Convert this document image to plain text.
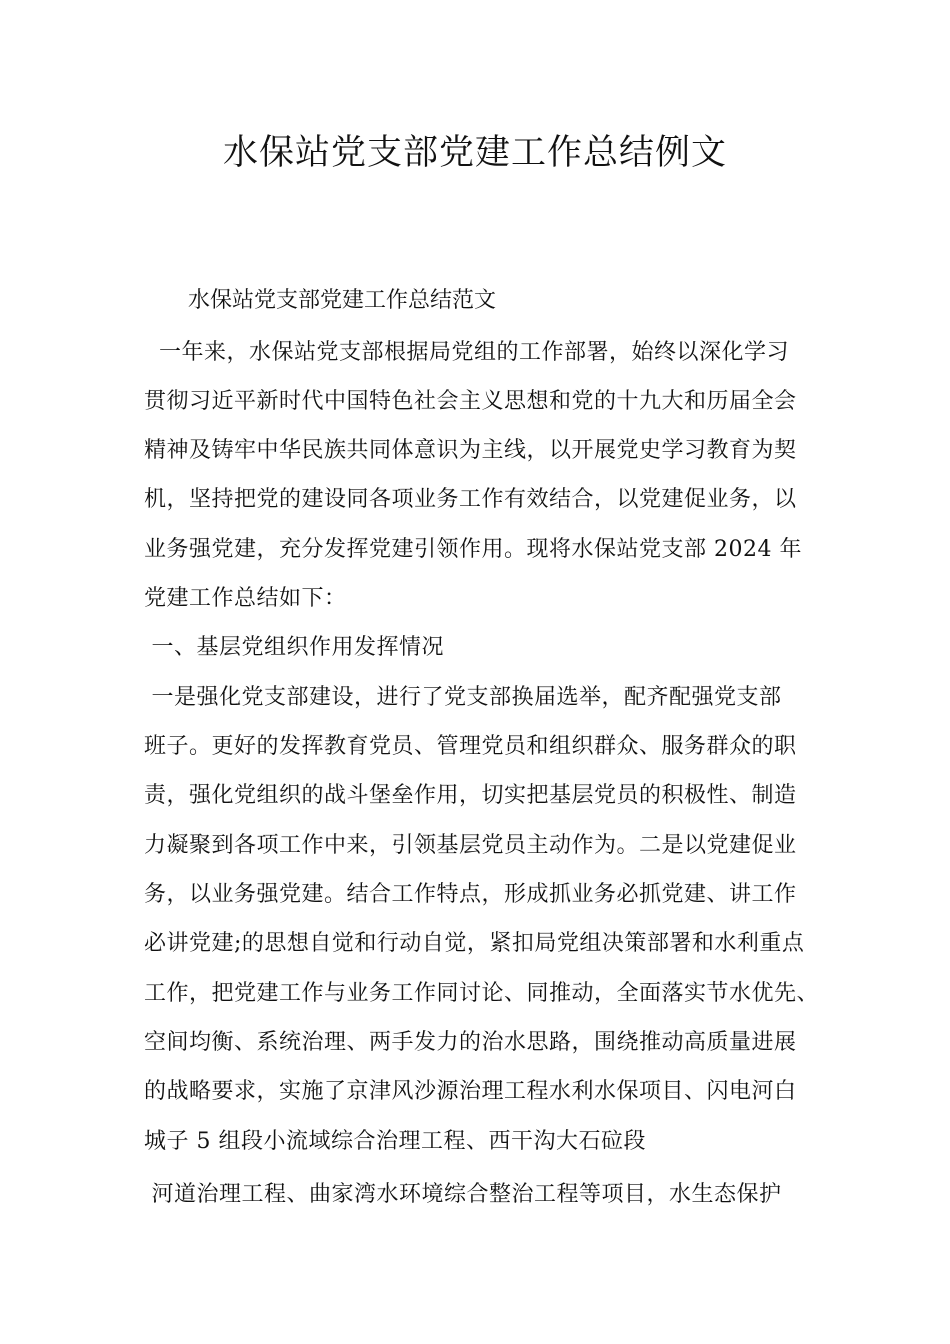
水保站党支部党建工作总结例文
水保站党支部党建工作总结范文
一年来，水保站党支部根据局党组的工作部署，始终以深化学习
贯彻习近平新时代中国特色社会主义思想和党的十九大和历届全会
精神及铸牢中华民族共同体意识为主线，以开展党史学习教育为契
机，坚持把党的建设同各项业务工作有效结合，以党建促业务，以
业务强党建，充分发挥党建引领作用。现将水保站党支部 2024 年
党建工作总结如下：
一、基层党组织作用发挥情况
一是强化党支部建设，进行了党支部换届选举，配齐配强党支部
班子。更好的发挥教育党员、管理党员和组织群众、服务群众的职
责，强化党组织的战斗堡垒作用，切实把基层党员的积极性、制造
力凝聚到各项工作中来，引领基层党员主动作为。二是以党建促业
务，以业务强党建。结合工作特点，形成抓业务必抓党建、讲工作
必讲党建;的思想自觉和行动自觉，紧扣局党组决策部署和水利重点
工作，把党建工作与业务工作同讨论、同推动，全面落实节水优先、
空间均衡、系统治理、两手发力的治水思路，围绕推动高质量进展
的战略要求，实施了京津风沙源治理工程水利水保项目、闪电河白
城子 5 组段小流域综合治理工程、西干沟大石砬段
河道治理工程、曲家湾水环境综合整治工程等项目，水生态保护
